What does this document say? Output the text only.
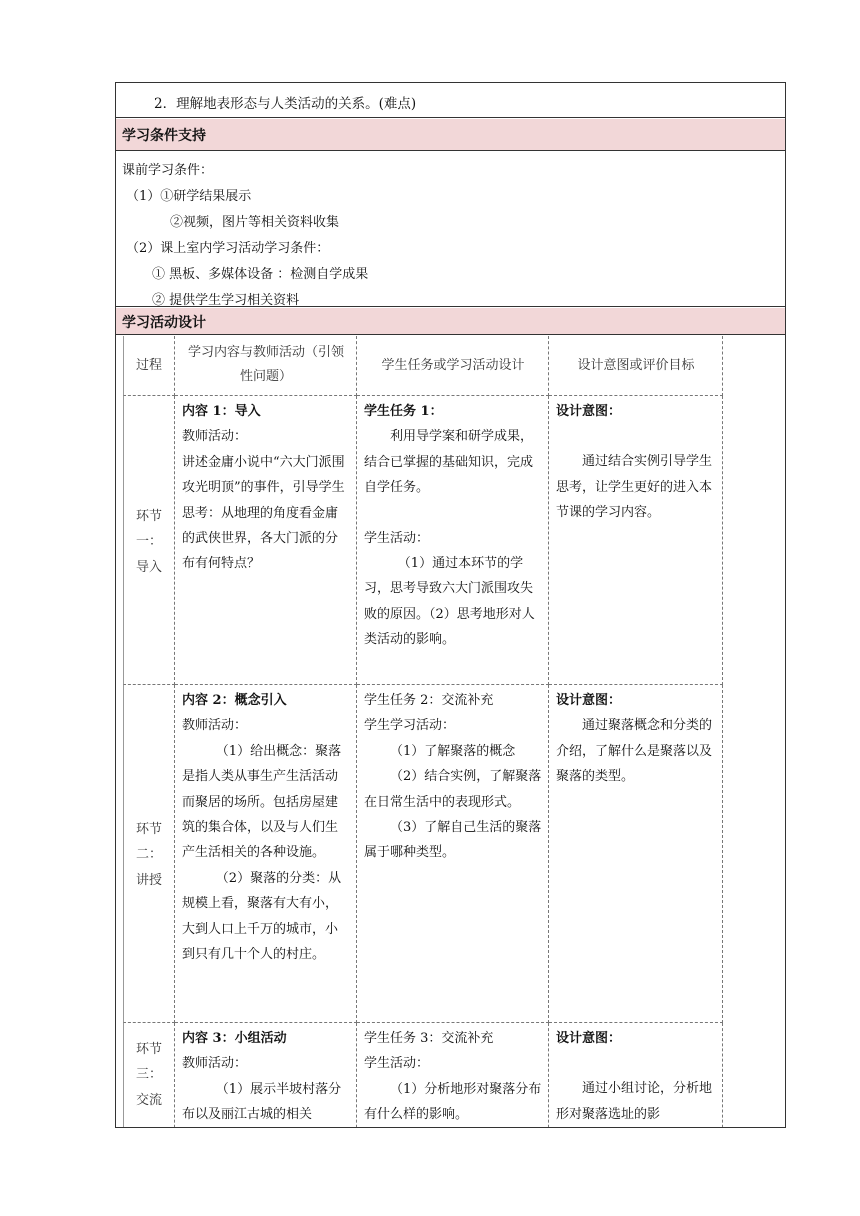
2．理解地表形态与人类活动的关系。(难点)
学习条件支持
课前学习条件：
（1）①研学结果展示
②视频，图片等相关资料收集
（2）课上室内学习活动学习条件：
① 黑板、多媒体设备 ：检测自学成果
② 提供学生学习相关资料
学习活动设计
过程

学习内容与教师活动（引领性问题）

学生任务或学习活动设计	设计意图或评价目标

环节
一：
导入

内容 1：导入

教师活动：

讲述金庸小说中“六大门派围攻光明顶”的事件，引导学生思考：从地理的角度看金庸的武侠世界，各大门派的分布有何特点？

学生任务 1：

利用导学案和研学成果，结合已掌握的基础知识，完成自学任务。

学生活动：

（1）通过本环节的学习，思考导致六大门派围攻失败的原因。（2）思考地形对人类活动的影响。

设计意图：

通过结合实例引导学生思考，让学生更好的进入本节课的学习内容。

环节
二：
讲授

内容 2：概念引入

教师活动：

（1）给出概念：聚落是指人类从事生产生活活动而聚居的场所。包括房屋建筑的集合体，以及与人们生产生活相关的各种设施。

（2）聚落的分类：从规模上看，聚落有大有小，大到人口上千万的城市，小到只有几十个人的村庄。

学生任务 2：交流补充

学生学习活动：

（1）了解聚落的概念

（2）结合实例，了解聚落在日常生活中的表现形式。

（3）了解自己生活的聚落属于哪种类型。

设计意图：

通过聚落概念和分类的介绍，了解什么是聚落以及聚落的类型。

环节
三：
交流

内容 3：小组活动

教师活动：

（1）展示半坡村落分布以及丽江古城的相关

学生任务 3：交流补充

学生活动：

（1）分析地形对聚落分布有什么样的影响。

设计意图：

通过小组讨论，分析地形对聚落选址的影
